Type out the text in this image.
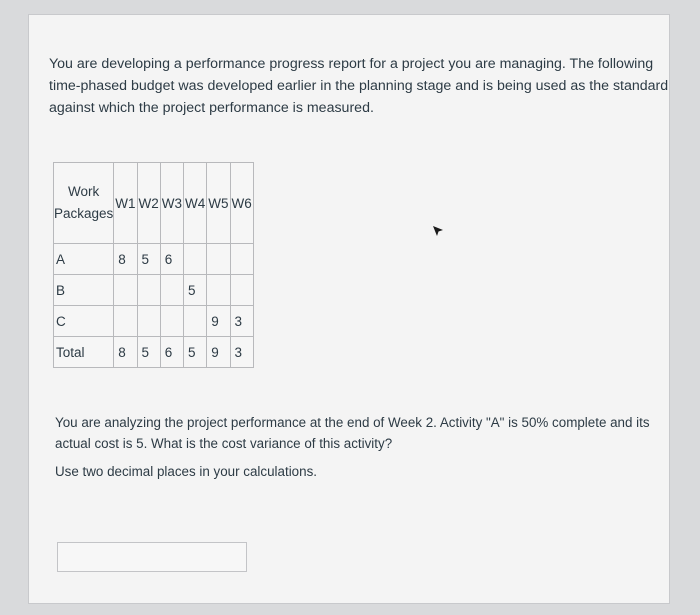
You are developing a performance progress report for a project you are managing. The following time-phased budget was developed earlier in the planning stage and is being used as the standard against which the project performance is measured.

Work Packages	W1	W2	W3	W4	W5	W6
A	8	5	6			
B				5		
C					9	3
Total	8	5	6	5	9	3

You are analyzing the project performance at the end of Week 2. Activity "A" is 50% complete and its actual cost is 5. What is the cost variance of this activity?

Use two decimal places in your calculations.
